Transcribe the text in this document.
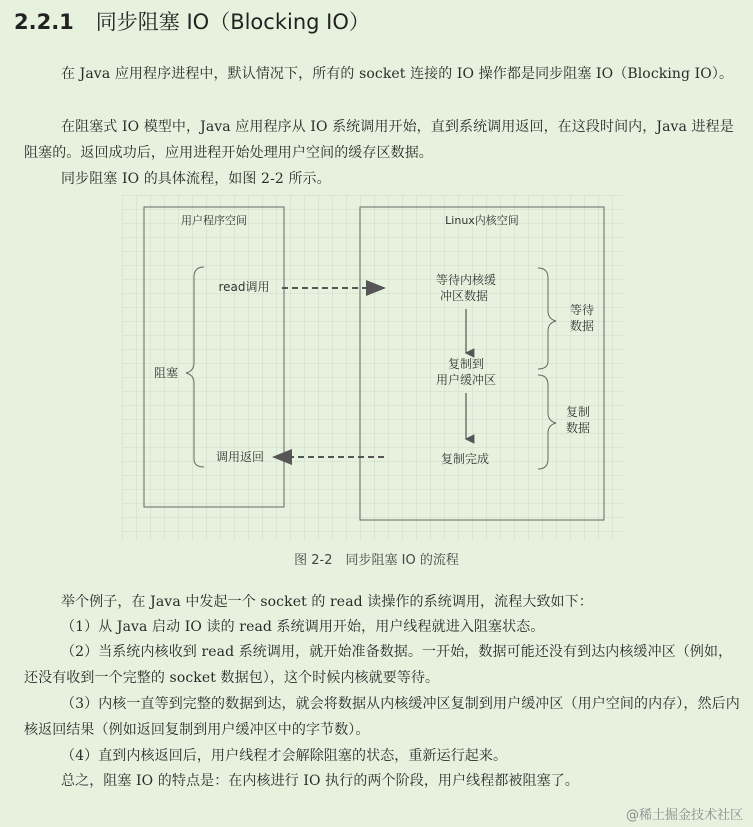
2.2.1 同步阻塞 IO（Blocking IO）

在 Java 应用程序进程中，默认情况下，所有的 socket 连接的 IO 操作都是同步阻塞 IO（Blocking IO）。

在阻塞式 IO 模型中，Java 应用程序从 IO 系统调用开始，直到系统调用返回，在这段时间内，Java 进程是阻塞的。返回成功后，应用进程开始处理用户空间的缓存区数据。

同步阻塞 IO 的具体流程，如图 2-2 所示。

用户程序空间	Linux内核空间
阻塞
read调用
调用返回
等待内核缓
冲区数据
复制到
用户缓冲区
复制完成
等待
数据
复制
数据
图 2-2　同步阻塞 IO 的流程

举个例子，在 Java 中发起一个 socket 的 read 读操作的系统调用，流程大致如下：

（1）从 Java 启动 IO 读的 read 系统调用开始，用户线程就进入阻塞状态。

（2）当系统内核收到 read 系统调用，就开始准备数据。一开始，数据可能还没有到达内核缓冲区（例如，还没有收到一个完整的 socket 数据包），这个时候内核就要等待。

（3）内核一直等到完整的数据到达，就会将数据从内核缓冲区复制到用户缓冲区（用户空间的内存），然后内核返回结果（例如返回复制到用户缓冲区中的字节数）。

（4）直到内核返回后，用户线程才会解除阻塞的状态，重新运行起来。

总之，阻塞 IO 的特点是：在内核进行 IO 执行的两个阶段，用户线程都被阻塞了。

@稀土掘金技术社区
